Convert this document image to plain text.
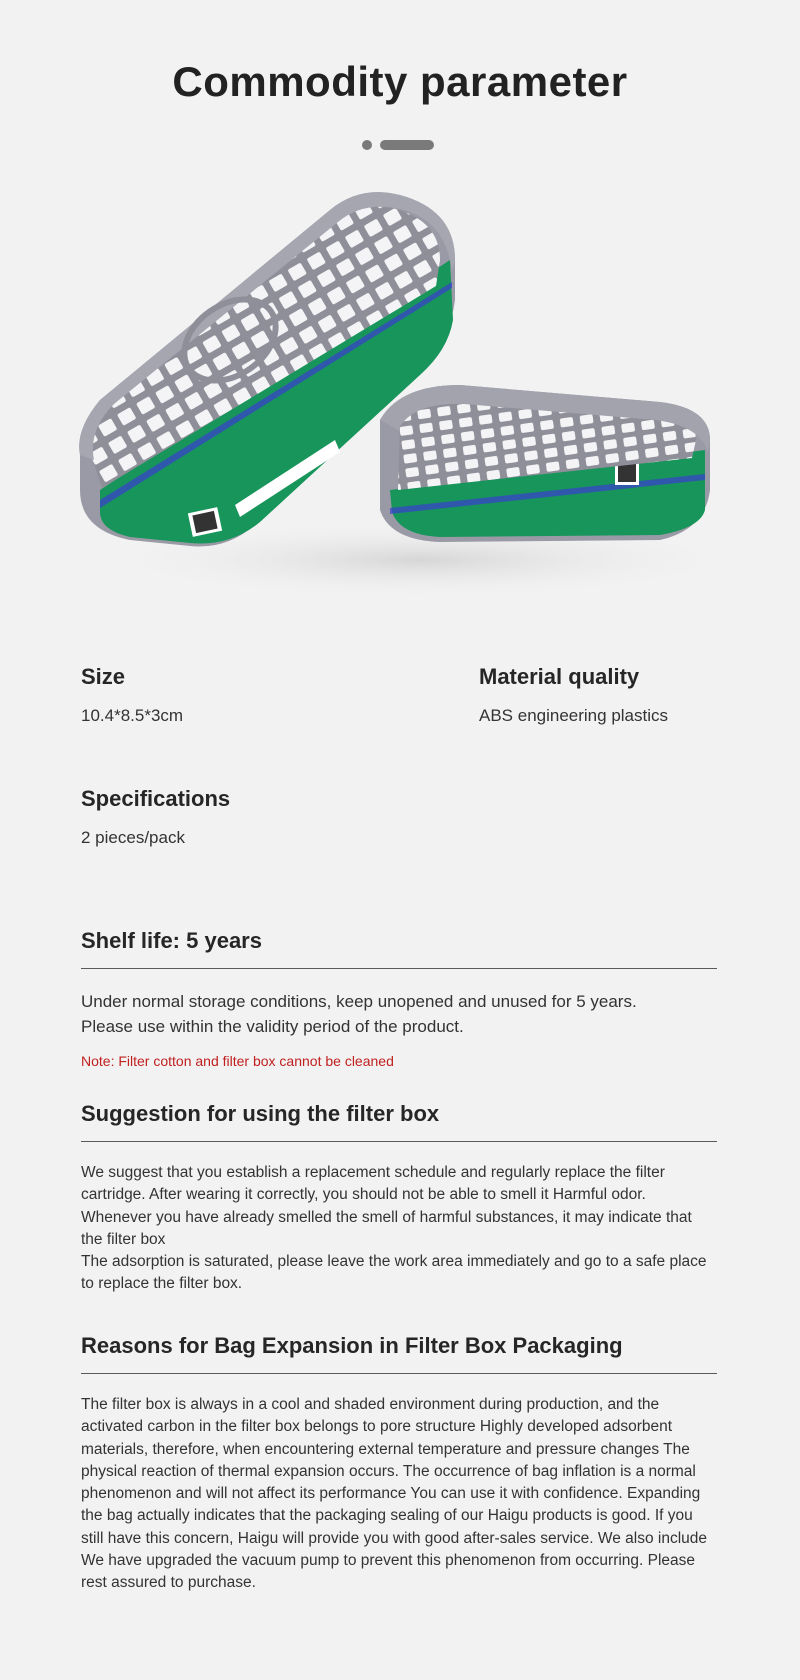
Commodity parameter
Size
10.4*8.5*3cm
Material quality
ABS engineering plastics
Specifications
2 pieces/pack
Shelf life: 5 years
Under normal storage conditions, keep unopened and unused for 5 years.
Please use within the validity period of the product.
Note: Filter cotton and filter box cannot be cleaned
Suggestion for using the filter box
We suggest that you establish a replacement schedule and regularly replace the filter cartridge. After wearing it correctly, you should not be able to smell it Harmful odor. Whenever you have already smelled the smell of harmful substances, it may indicate that the filter box
The adsorption is saturated, please leave the work area immediately and go to a safe place to replace the filter box.
Reasons for Bag Expansion in Filter Box Packaging
The filter box is always in a cool and shaded environment during production, and the activated carbon in the filter box belongs to pore structure Highly developed adsorbent materials, therefore, when encountering external temperature and pressure changes The physical reaction of thermal expansion occurs. The occurrence of bag inflation is a normal phenomenon and will not affect its performance You can use it with confidence. Expanding the bag actually indicates that the packaging sealing of our Haigu products is good. If you still have this concern, Haigu will provide you with good after-sales service. We also include We have upgraded the vacuum pump to prevent this phenomenon from occurring. Please rest assured to purchase.
